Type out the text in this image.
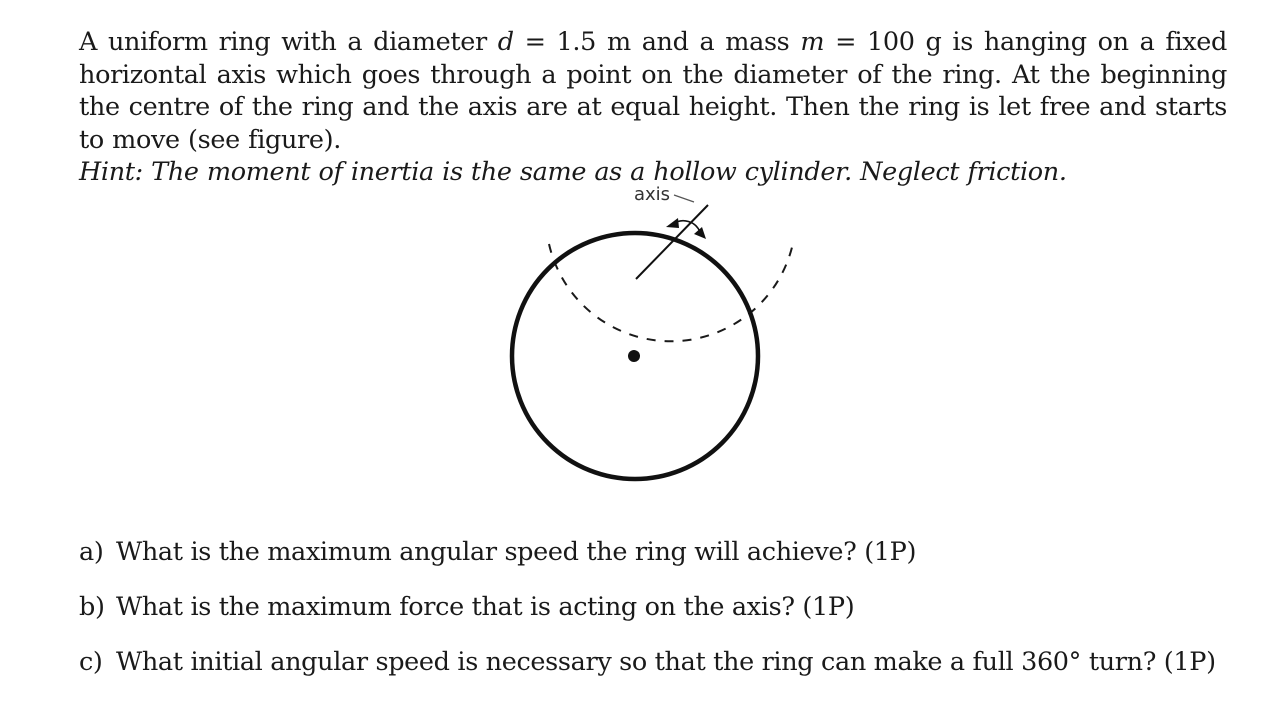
A uniform ring with a diameter d = 1.5 m and a mass m = 100 g is hanging on a fixed horizontal axis which goes through a point on the diameter of the ring. At the beginning the centre of the ring and the axis are at equal height. Then the ring is let free and starts to move (see figure).

Hint: The moment of inertia is the same as a hollow cylinder. Neglect friction.

axis
a) What is the maximum angular speed the ring will achieve? (1P)
b) What is the maximum force that is acting on the axis? (1P)
c) What initial angular speed is necessary so that the ring can make a full 360° turn? (1P)
